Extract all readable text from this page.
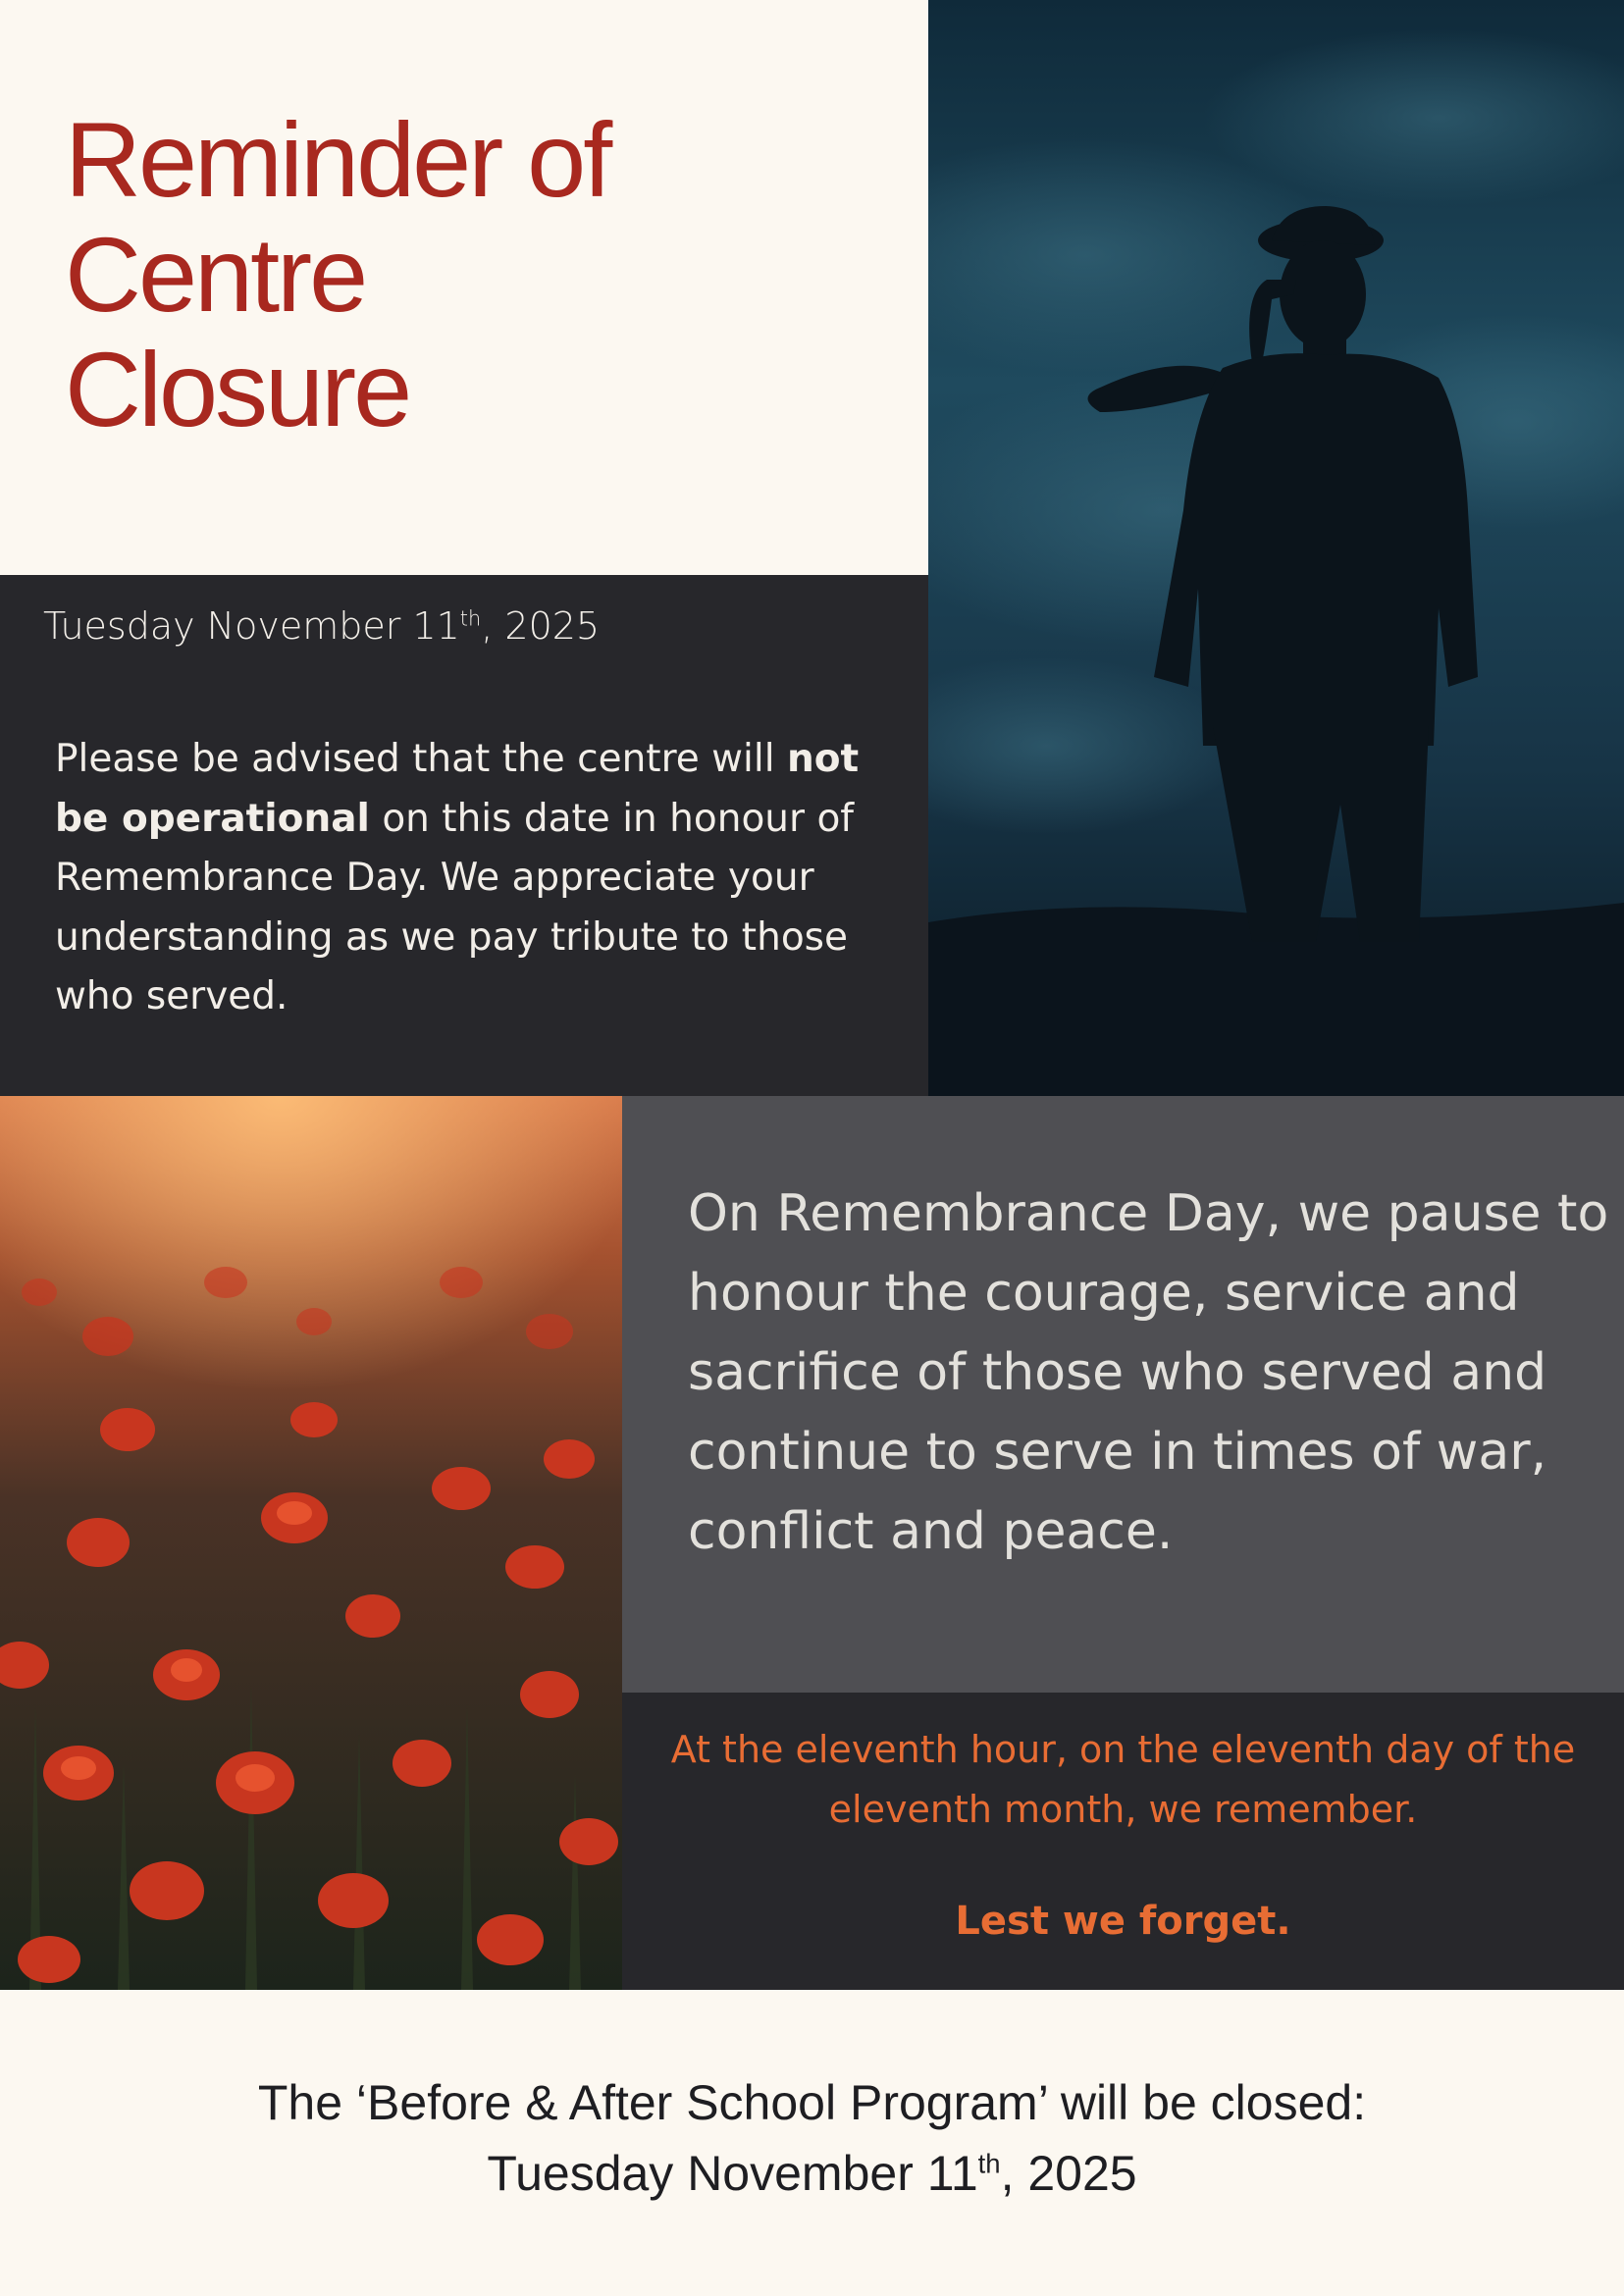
Reminder of
Centre
Closure
Tuesday November 11th, 2025

Please be advised that the centre will not be operational on this date in honour of Remembrance Day. We appreciate your understanding as we pay tribute to those who served.

On Remembrance Day, we pause to honour the courage, service and sacrifice of those who served and continue to serve in times of war, conflict and peace.

At the eleventh hour, on the eleventh day of the eleventh month, we remember.

Lest we forget.

The ‘Before & After School Program’ will be closed:
Tuesday November 11th, 2025
